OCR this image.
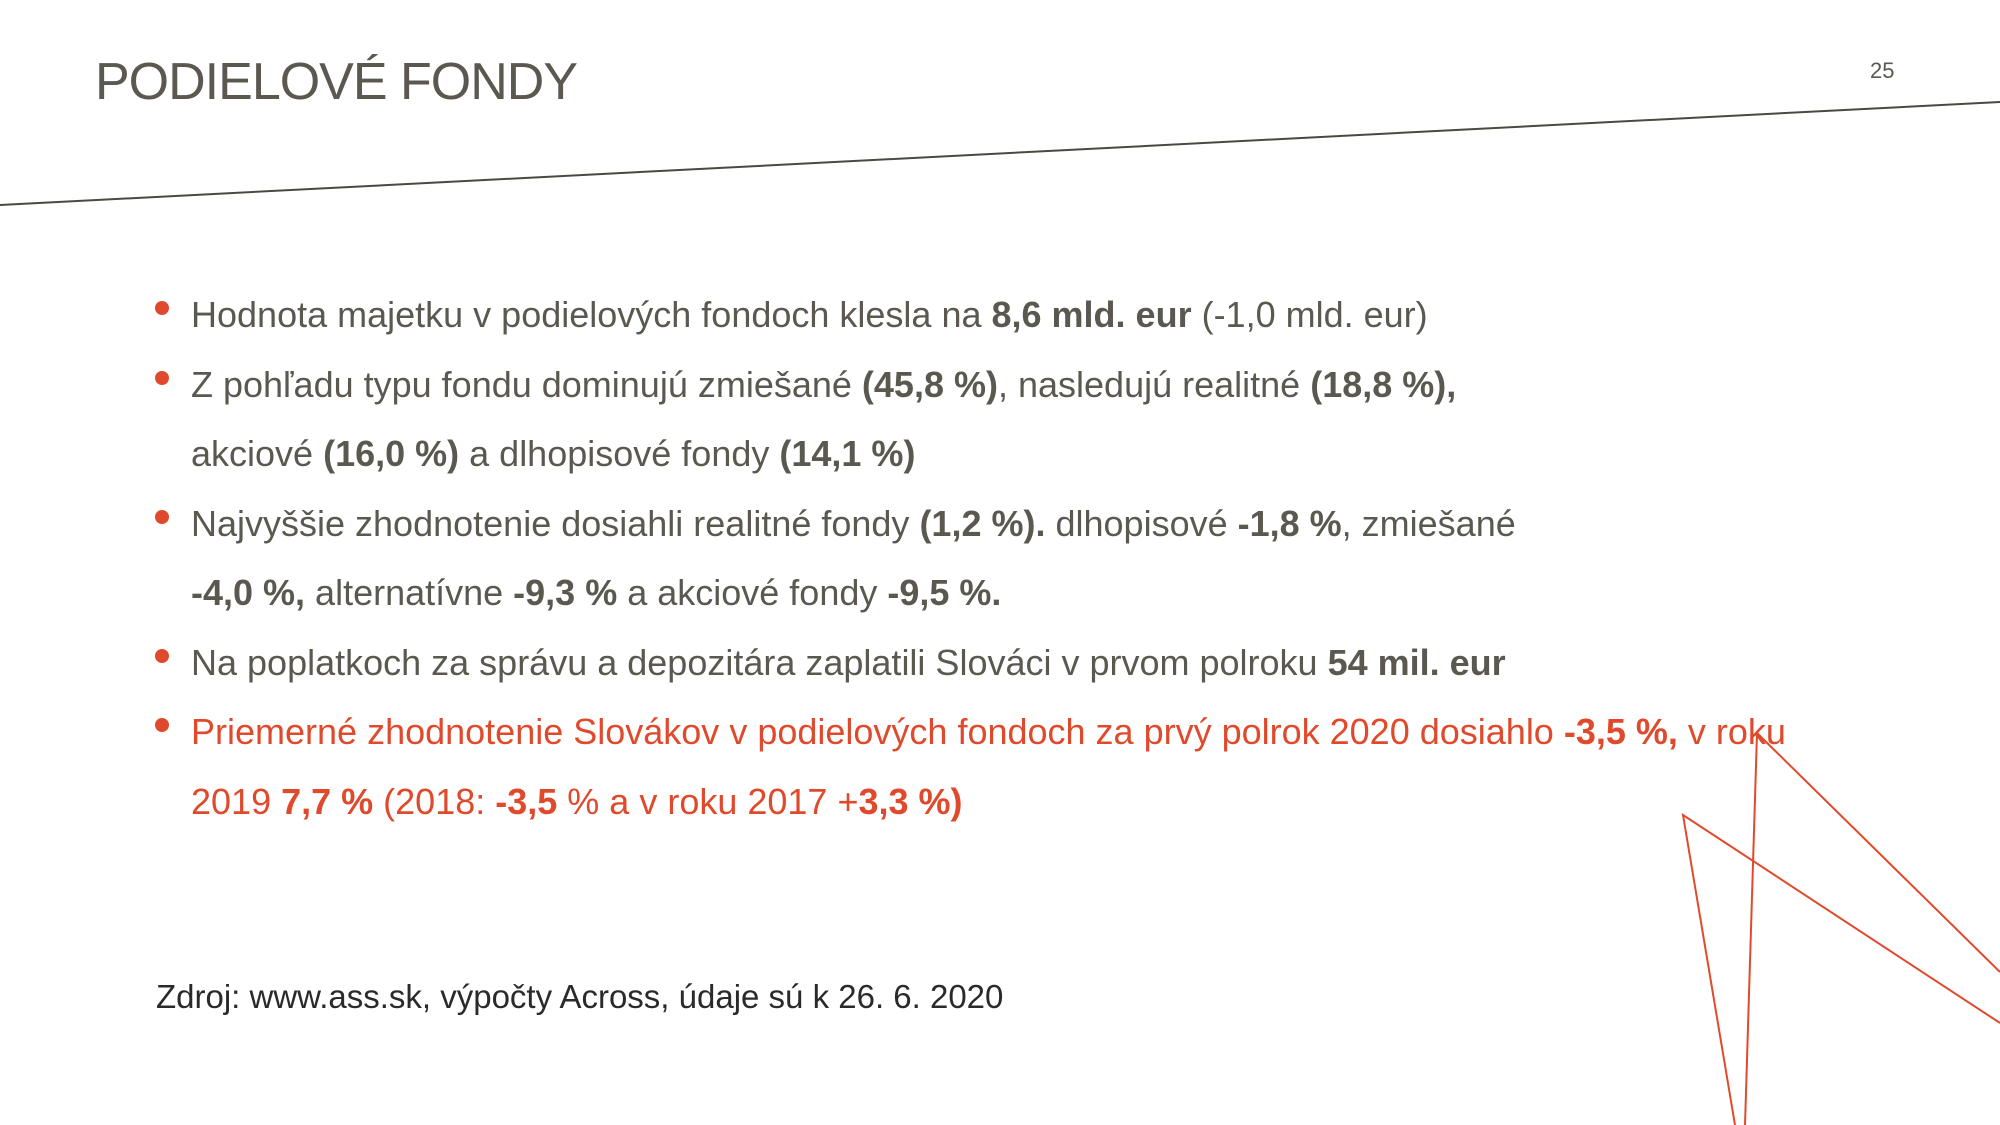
PODIELOVÉ FONDY	25
Hodnota majetku v podielových fondoch klesla na 8,6 mld. eur (-1,0 mld. eur)
Z pohľadu typu fondu dominujú zmiešané (45,8 %), nasledujú realitné (18,8 %),
akciové (16,0 %) a dlhopisové fondy (14,1 %)
Najvyššie zhodnotenie dosiahli realitné fondy (1,2 %). dlhopisové -1,8 %, zmiešané
-4,0 %, alternatívne -9,3 % a akciové fondy -9,5 %.
Na poplatkoch za správu a depozitára zaplatili Slováci v prvom polroku 54 mil. eur
Priemerné zhodnotenie Slovákov v podielových fondoch za prvý polrok 2020 dosiahlo -3,5 %, v roku 2019 7,7 % (2018: -3,5 % a v roku 2017 +3,3 %)
Zdroj: www.ass.sk, výpočty Across, údaje sú k 26. 6. 2020
